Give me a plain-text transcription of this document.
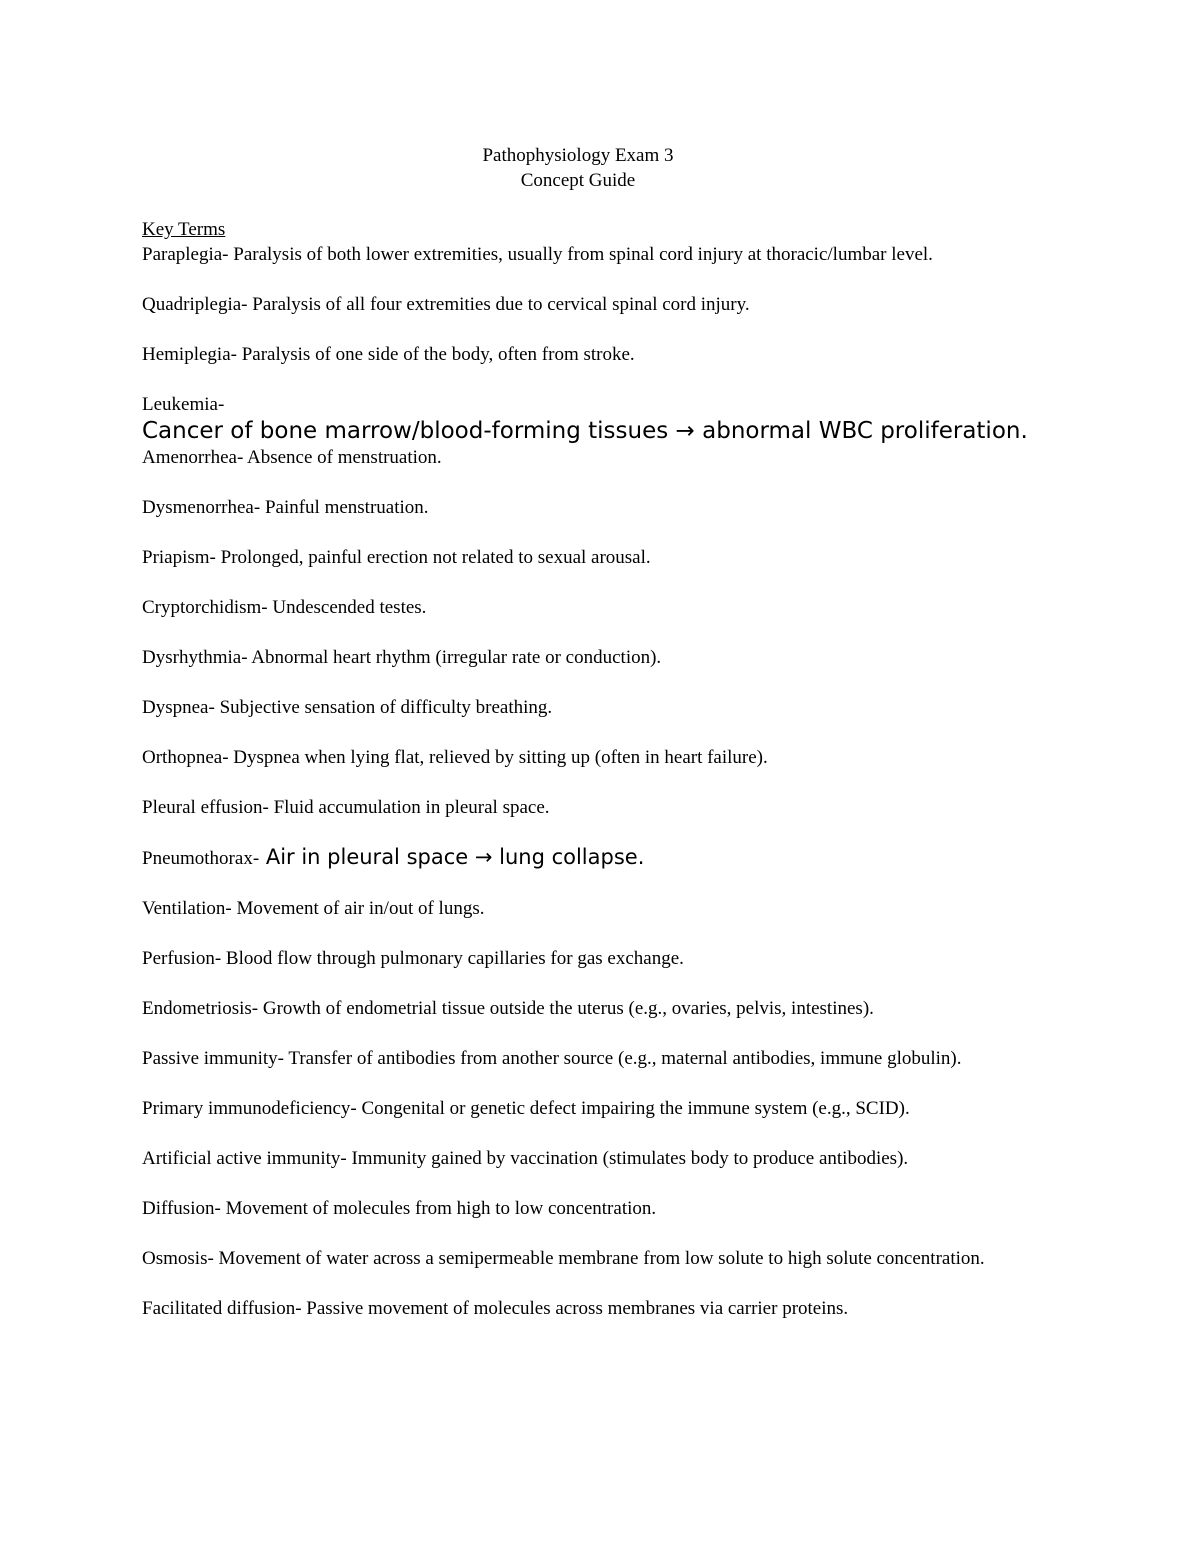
Pathophysiology Exam 3
Concept Guide
Key Terms
Paraplegia- Paralysis of both lower extremities, usually from spinal cord injury at thoracic/lumbar level.
Quadriplegia- Paralysis of all four extremities due to cervical spinal cord injury.
Hemiplegia- Paralysis of one side of the body, often from stroke.
Leukemia-
Cancer of bone marrow/blood-forming tissues → abnormal WBC proliferation.
Amenorrhea- Absence of menstruation.
Dysmenorrhea- Painful menstruation.
Priapism- Prolonged, painful erection not related to sexual arousal.
Cryptorchidism- Undescended testes.
Dysrhythmia- Abnormal heart rhythm (irregular rate or conduction).
Dyspnea- Subjective sensation of difficulty breathing.
Orthopnea- Dyspnea when lying flat, relieved by sitting up (often in heart failure).
Pleural effusion- Fluid accumulation in pleural space.
Pneumothorax- Air in pleural space → lung collapse.
Ventilation- Movement of air in/out of lungs.
Perfusion- Blood flow through pulmonary capillaries for gas exchange.
Endometriosis- Growth of endometrial tissue outside the uterus (e.g., ovaries, pelvis, intestines).
Passive immunity- Transfer of antibodies from another source (e.g., maternal antibodies, immune globulin).
Primary immunodeficiency- Congenital or genetic defect impairing the immune system (e.g., SCID).
Artificial active immunity- Immunity gained by vaccination (stimulates body to produce antibodies).
Diffusion- Movement of molecules from high to low concentration.
Osmosis- Movement of water across a semipermeable membrane from low solute to high solute concentration.
Facilitated diffusion- Passive movement of molecules across membranes via carrier proteins.
